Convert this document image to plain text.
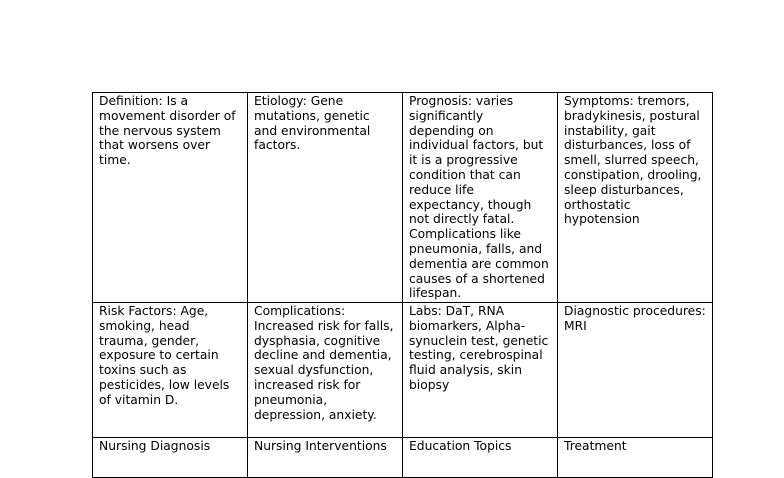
Definition: Is a movement disorder of the nervous system that worsens over time.	Etiology: Gene mutations, genetic and environmental factors.	Prognosis: varies significantly depending on individual factors, but it is a progressive condition that can reduce life expectancy, though not directly fatal. Complications like pneumonia, falls, and dementia are common causes of a shortened lifespan.	Symptoms: tremors, bradykinesis, postural instability, gait disturbances, loss of smell, slurred speech, constipation, drooling, sleep disturbances, orthostatic hypotension
Risk Factors: Age, smoking, head trauma, gender, exposure to certain toxins such as pesticides, low levels of vitamin D.	Complications: Increased risk for falls, dysphasia, cognitive decline and dementia, sexual dysfunction, increased risk for pneumonia, depression, anxiety.	Labs: DaT, RNA biomarkers, Alpha-synuclein test, genetic testing, cerebrospinal fluid analysis, skin biopsy	Diagnostic procedures: MRI
Nursing Diagnosis	Nursing Interventions	Education Topics	Treatment
